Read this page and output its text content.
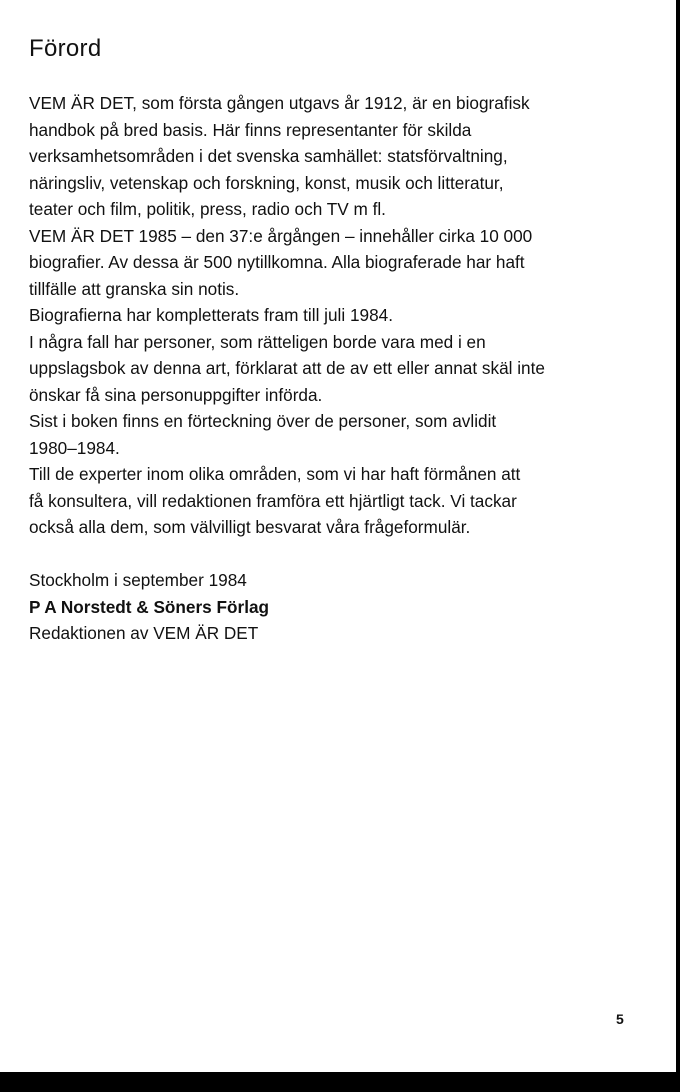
Förord
VEM ÄR DET, som första gången utgavs år 1912, är en biografisk
handbok på bred basis. Här finns representanter för skilda
verksamhetsområden i det svenska samhället: statsförvaltning,
näringsliv, vetenskap och forskning, konst, musik och litteratur,
teater och film, politik, press, radio och TV m fl.
VEM ÄR DET 1985 – den 37:e årgången – innehåller cirka 10 000
biografier. Av dessa är 500 nytillkomna. Alla biograferade har haft
tillfälle att granska sin notis.
Biografierna har kompletterats fram till juli 1984.
I några fall har personer, som rätteligen borde vara med i en
uppslagsbok av denna art, förklarat att de av ett eller annat skäl inte
önskar få sina personuppgifter införda.
Sist i boken finns en förteckning över de personer, som avlidit
1980–1984.
Till de experter inom olika områden, som vi har haft förmånen att
få konsultera, vill redaktionen framföra ett hjärtligt tack. Vi tackar
också alla dem, som välvilligt besvarat våra frågeformulär.
Stockholm i september 1984
P A Norstedt & Söners Förlag
Redaktionen av VEM ÄR DET
5
